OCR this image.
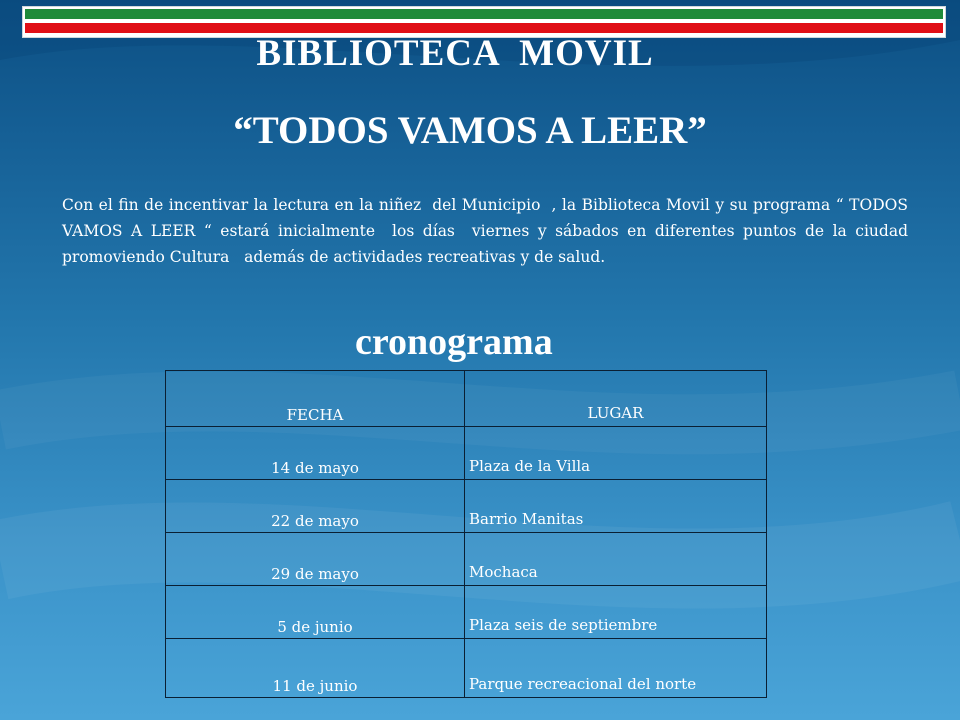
BIBLIOTECA  MOVIL
“TODOS VAMOS A LEER”
Con el fin de incentivar la lectura en la niñez  del Municipio  , la Biblioteca Movil y su programa “ TODOS VAMOS A LEER “ estará inicialmente  los días  viernes y sábados en diferentes puntos de la ciudad   promoviendo Cultura   además de actividades recreativas y de salud.
cronograma
FECHA	LUGAR
14 de mayo	Plaza de la Villa
22 de mayo	Barrio Manitas
29 de mayo	Mochaca
5 de junio	Plaza seis de septiembre
11 de junio	Parque recreacional del norte
